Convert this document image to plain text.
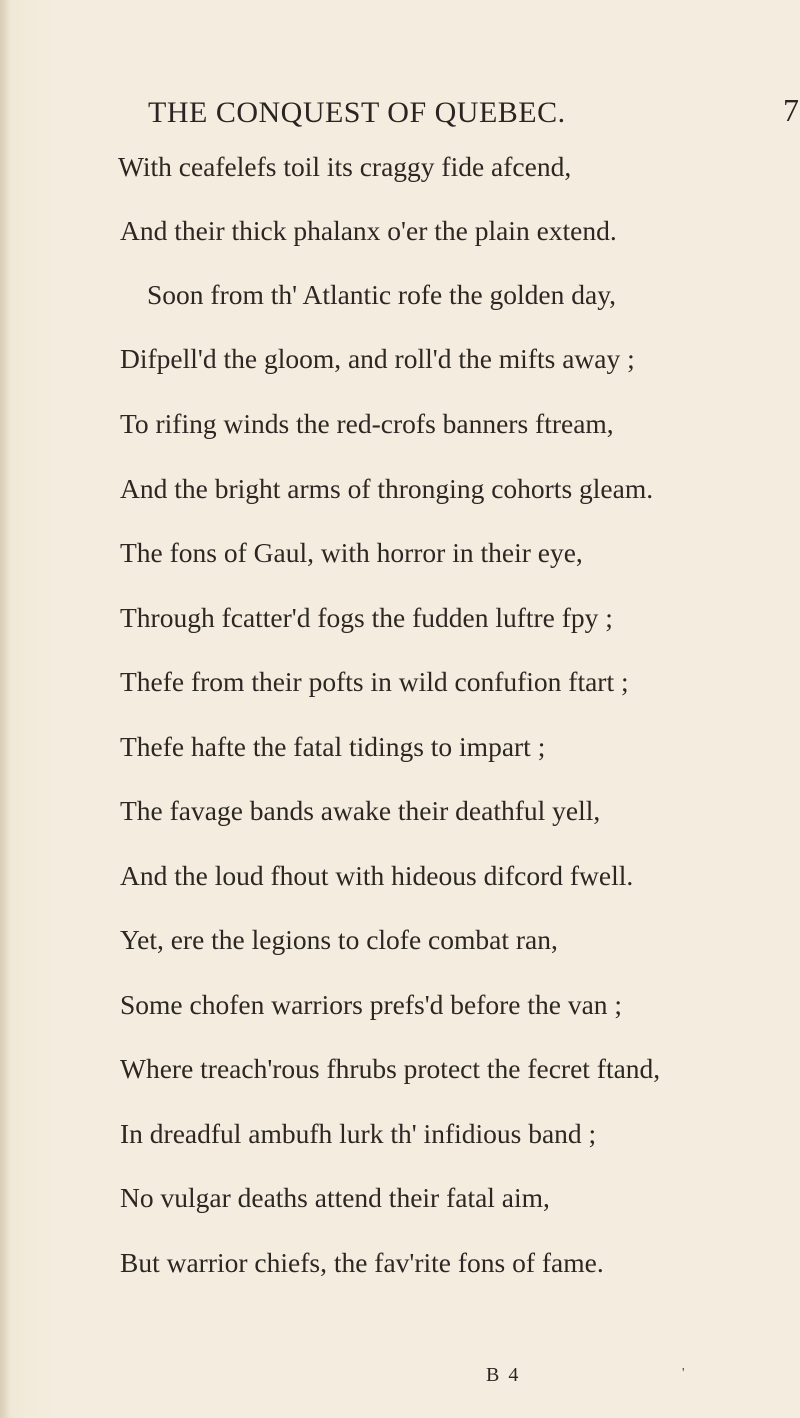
THE CONQUEST OF QUEBEC.	7
With ceafelefs toil its craggy fide afcend,
And their thick phalanx o'er the plain extend.
Soon from th' Atlantic rofe the golden day,
Difpell'd the gloom, and roll'd the mifts away ;
To rifing winds the red-crofs banners ftream,
And the bright arms of thronging cohorts gleam.
The fons of Gaul, with horror in their eye,
Through fcatter'd fogs the fudden luftre fpy ;
Thefe from their pofts in wild confufion ftart ;
Thefe hafte the fatal tidings to impart ;
The favage bands awake their deathful yell,
And the loud fhout with hideous difcord fwell.
Yet, ere the legions to clofe combat ran,
Some chofen warriors prefs'd before the van ;
Where treach'rous fhrubs protect the fecret ftand,
In dreadful ambufh lurk th' infidious band ;
No vulgar deaths attend their fatal aim,
But warrior chiefs, the fav'rite fons of fame.
B 4	'
